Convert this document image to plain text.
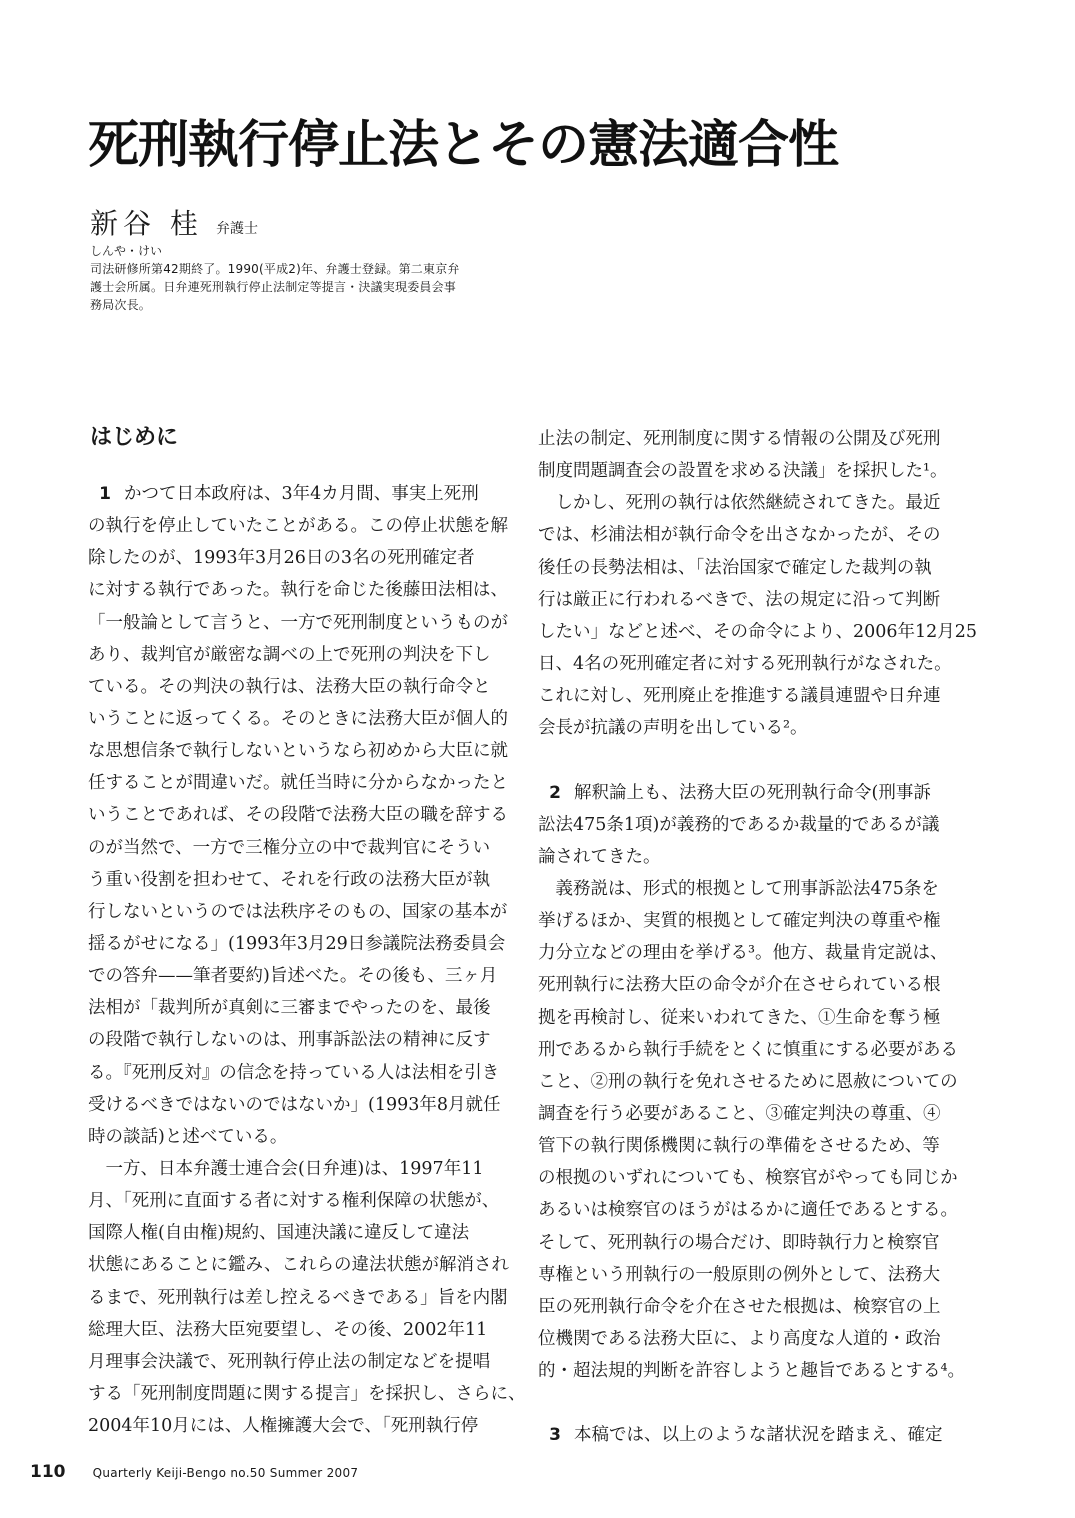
死刑執行停止法とその憲法適合性
新谷 桂 弁護士
しんや・けい
司法研修所第42期終了。1990(平成2)年、弁護士登録。第二東京弁
護士会所属。日弁連死刑執行停止法制定等提言・決議実現委員会事
務局次長。
はじめに
1 かつて日本政府は、3年4カ月間、事実上死刑
の執行を停止していたことがある。この停止状態を解
除したのが、1993年3月26日の3名の死刑確定者
に対する執行であった。執行を命じた後藤田法相は、
「一般論として言うと、一方で死刑制度というものが
あり、裁判官が厳密な調べの上で死刑の判決を下し
ている。その判決の執行は、法務大臣の執行命令と
いうことに返ってくる。そのときに法務大臣が個人的
な思想信条で執行しないというなら初めから大臣に就
任することが間違いだ。就任当時に分からなかったと
いうことであれば、その段階で法務大臣の職を辞する
のが当然で、一方で三権分立の中で裁判官にそうい
う重い役割を担わせて、それを行政の法務大臣が執
行しないというのでは法秩序そのもの、国家の基本が
揺るがせになる」(1993年3月29日参議院法務委員会
での答弁——筆者要約)旨述べた。その後も、三ヶ月
法相が「裁判所が真剣に三審までやったのを、最後
の段階で執行しないのは、刑事訴訟法の精神に反す
る。『死刑反対』の信念を持っている人は法相を引き
受けるべきではないのではないか」(1993年8月就任
時の談話)と述べている。
　一方、日本弁護士連合会(日弁連)は、1997年11
月、「死刑に直面する者に対する権利保障の状態が、
国際人権(自由権)規約、国連決議に違反して違法
状態にあることに鑑み、これらの違法状態が解消され
るまで、死刑執行は差し控えるべきである」旨を内閣
総理大臣、法務大臣宛要望し、その後、2002年11
月理事会決議で、死刑執行停止法の制定などを提唱
する「死刑制度問題に関する提言」を採択し、さらに、
2004年10月には、人権擁護大会で、「死刑執行停
止法の制定、死刑制度に関する情報の公開及び死刑
制度問題調査会の設置を求める決議」を採択した¹。
　しかし、死刑の執行は依然継続されてきた。最近
では、杉浦法相が執行命令を出さなかったが、その
後任の長勢法相は、「法治国家で確定した裁判の執
行は厳正に行われるべきで、法の規定に沿って判断
したい」などと述べ、その命令により、2006年12月25
日、4名の死刑確定者に対する死刑執行がなされた。
これに対し、死刑廃止を推進する議員連盟や日弁連
会長が抗議の声明を出している²。
2 解釈論上も、法務大臣の死刑執行命令(刑事訴
訟法475条1項)が義務的であるか裁量的であるが議
論されてきた。
　義務説は、形式的根拠として刑事訴訟法475条を
挙げるほか、実質的根拠として確定判決の尊重や権
力分立などの理由を挙げる³。他方、裁量肯定説は、
死刑執行に法務大臣の命令が介在させられている根
拠を再検討し、従来いわれてきた、①生命を奪う極
刑であるから執行手続をとくに慎重にする必要がある
こと、②刑の執行を免れさせるために恩赦についての
調査を行う必要があること、③確定判決の尊重、④
管下の執行関係機関に執行の準備をさせるため、等
の根拠のいずれについても、検察官がやっても同じか
あるいは検察官のほうがはるかに適任であるとする。
そして、死刑執行の場合だけ、即時執行力と検察官
専権という刑執行の一般原則の例外として、法務大
臣の死刑執行命令を介在させた根拠は、検察官の上
位機関である法務大臣に、より高度な人道的・政治
的・超法規的判断を許容しようと趣旨であるとする⁴。
3 本稿では、以上のような諸状況を踏まえ、確定
110 Quarterly Keiji-Bengo no.50 Summer 2007
